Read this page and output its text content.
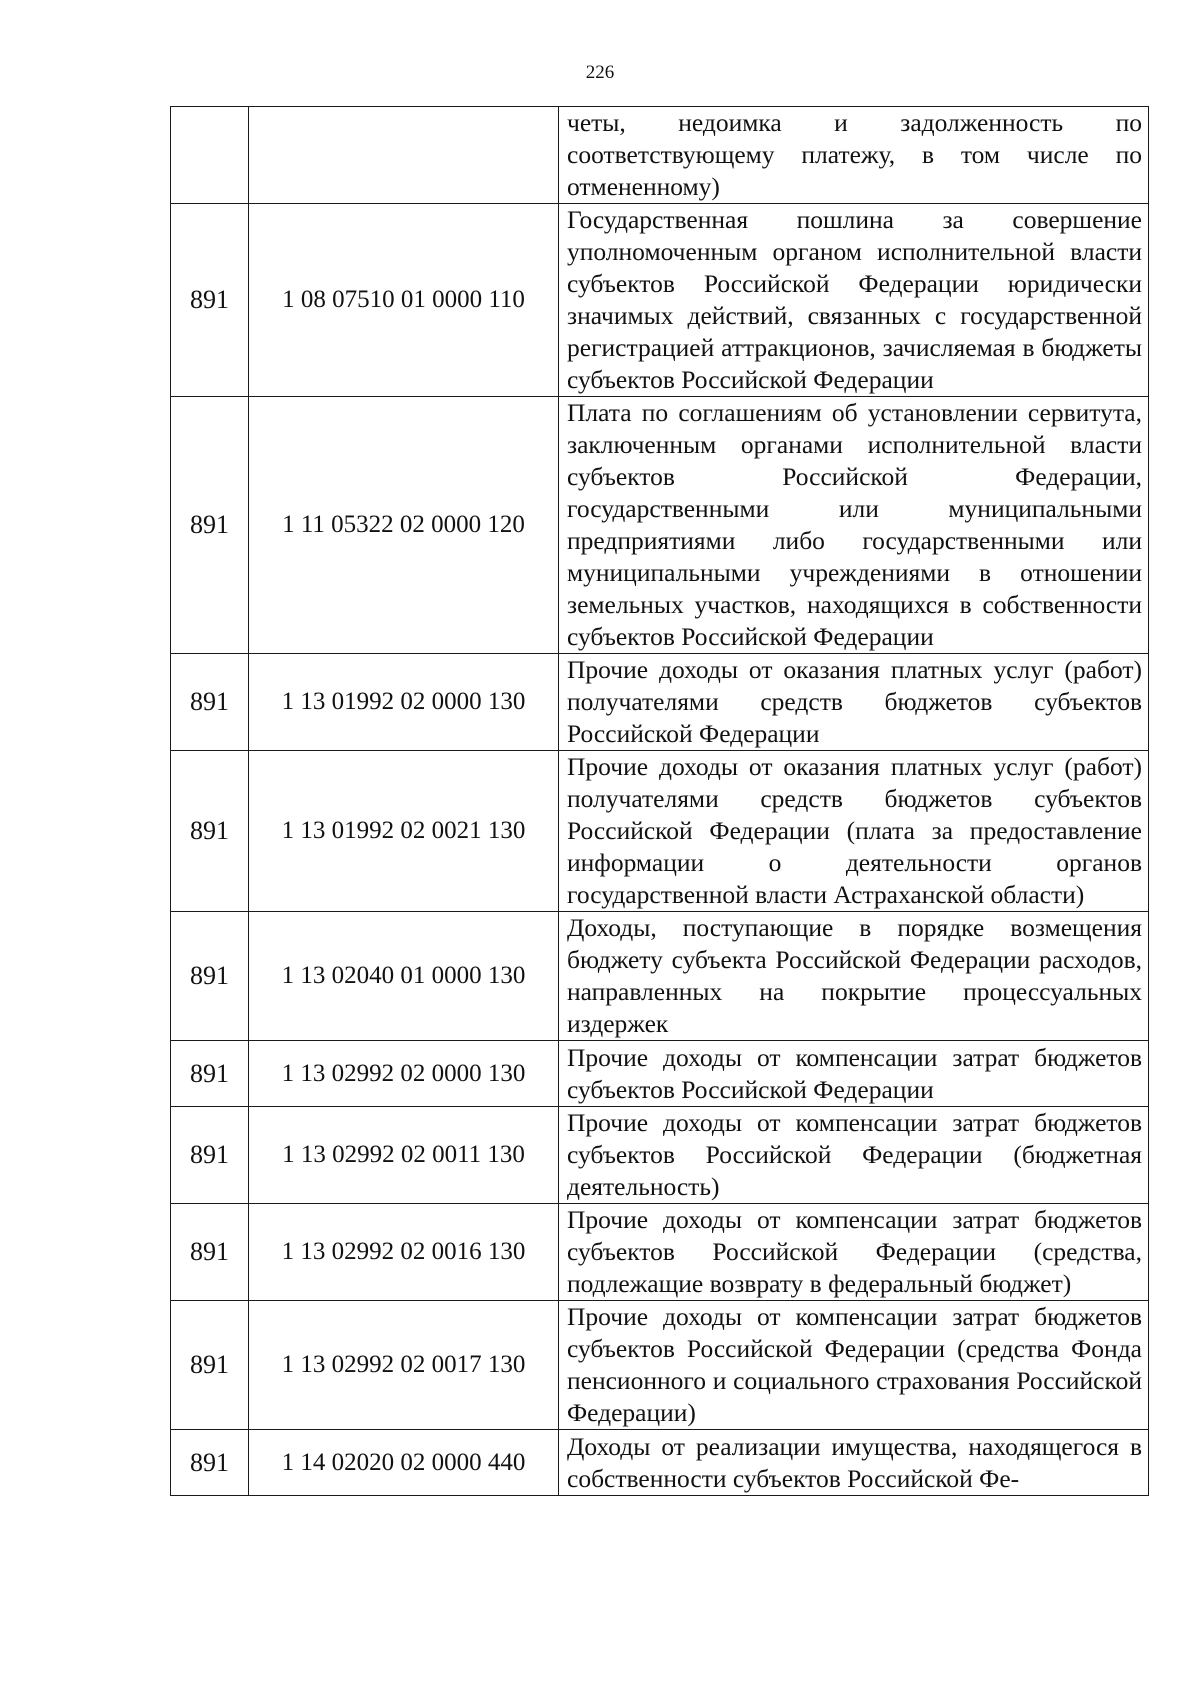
226
		четы, недоимка и задолженность по соответствующему платежу, в том числе по отмененному)
891	1 08 07510 01 0000 110	Государственная пошлина за совершение уполномоченным органом исполнительной власти субъектов Российской Федерации юридически значимых действий, связанных с государственной регистрацией аттракционов, зачисляемая в бюджеты субъектов Российской Федерации
891	1 11 05322 02 0000 120	Плата по соглашениям об установлении сервитута, заключенным органами исполнительной власти субъектов Российской Федерации, государственными или муниципальными предприятиями либо государственными или муниципальными учреждениями в отношении земельных участков, находящихся в собственности субъектов Российской Федерации
891	1 13 01992 02 0000 130	Прочие доходы от оказания платных услуг (работ) получателями средств бюджетов субъектов Российской Федерации
891	1 13 01992 02 0021 130	Прочие доходы от оказания платных услуг (работ) получателями средств бюджетов субъектов Российской Федерации (плата за предоставление информации о деятельности органов государственной власти Астраханской области)
891	1 13 02040 01 0000 130	Доходы, поступающие в порядке возмещения бюджету субъекта Российской Федерации расходов, направленных на покрытие процессуальных издержек
891	1 13 02992 02 0000 130	Прочие доходы от компенсации затрат бюджетов субъектов Российской Федерации
891	1 13 02992 02 0011 130	Прочие доходы от компенсации затрат бюджетов субъектов Российской Федерации (бюджетная деятельность)
891	1 13 02992 02 0016 130	Прочие доходы от компенсации затрат бюджетов субъектов Российской Федерации (средства, подлежащие возврату в федеральный бюджет)
891	1 13 02992 02 0017 130	Прочие доходы от компенсации затрат бюджетов субъектов Российской Федерации (средства Фонда пенсионного и социального страхования Российской Федерации)
891	1 14 02020 02 0000 440	Доходы от реализации имущества, находящегося в собственности субъектов Российской Фе-
